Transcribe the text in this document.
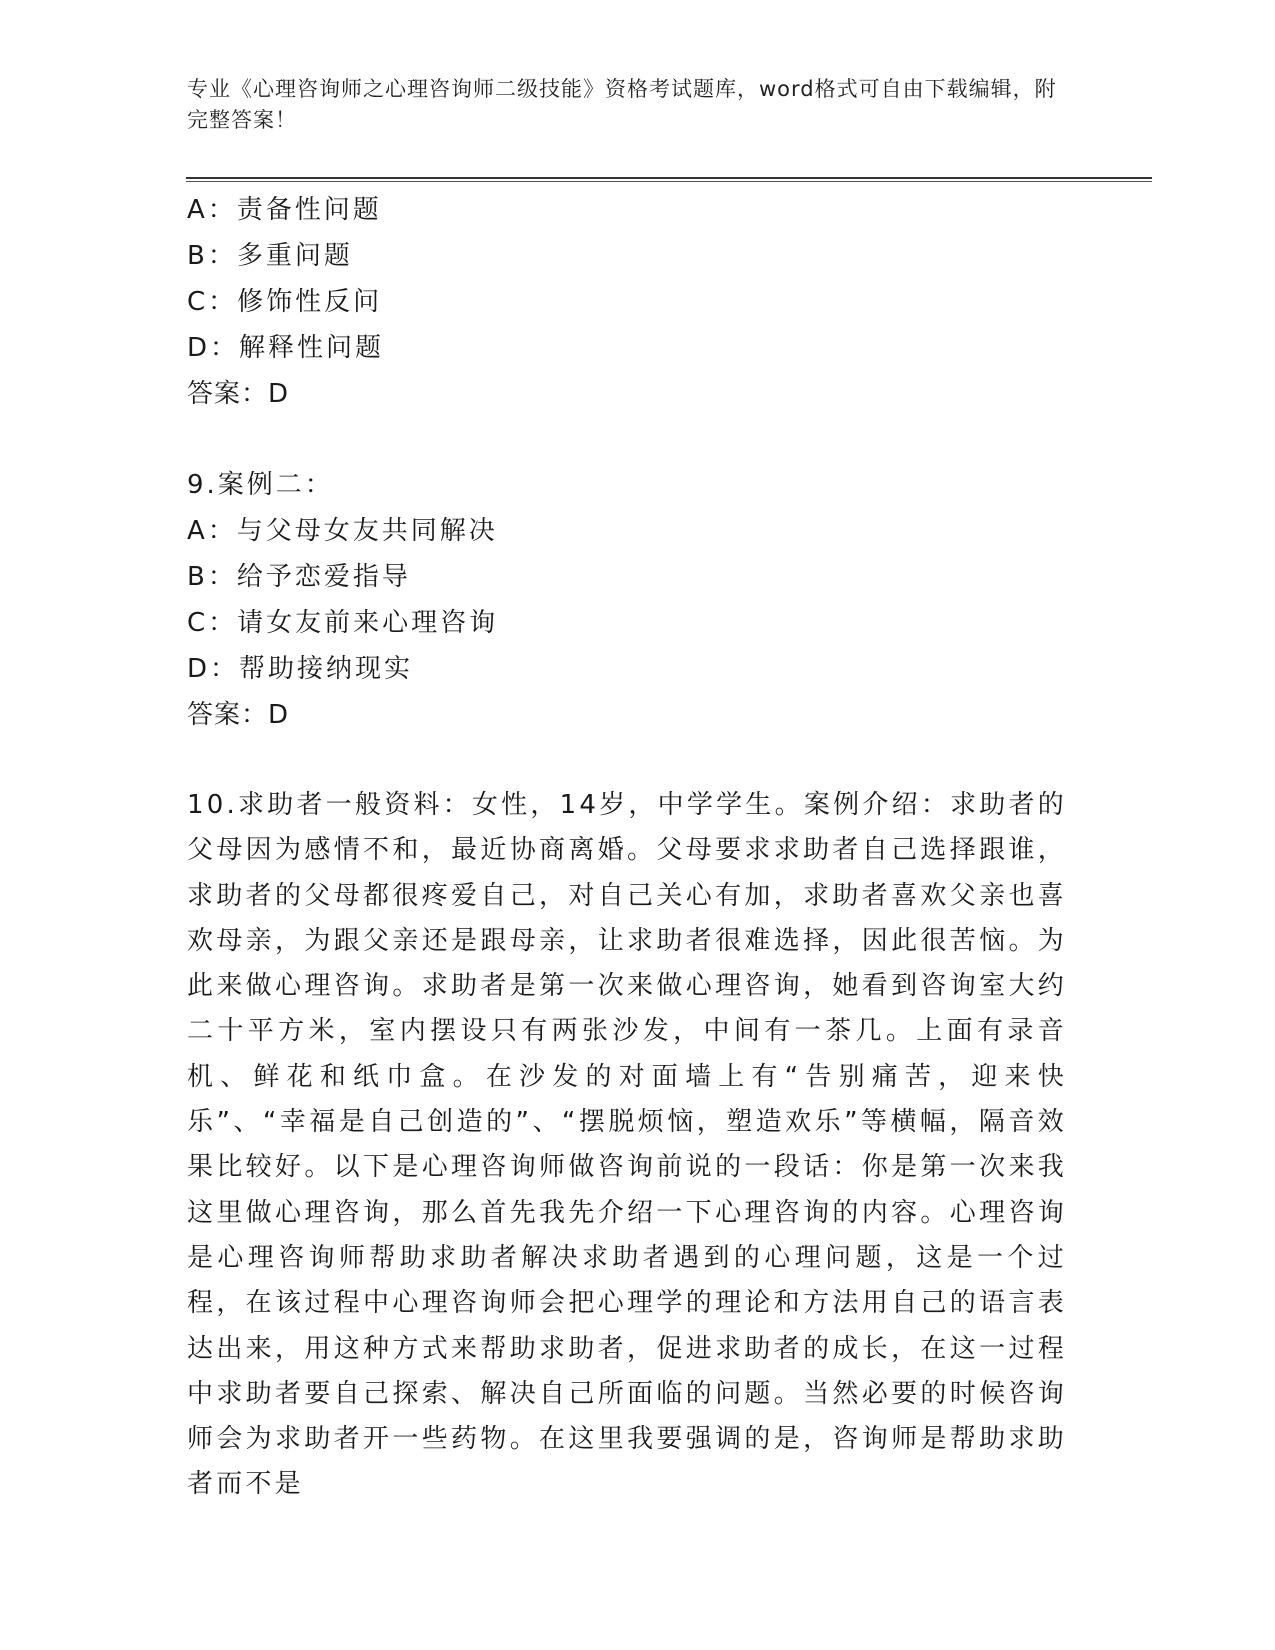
专业《心理咨询师之心理咨询师二级技能》资格考试题库，word格式可自由下载编辑，附完整答案！
A：责备性问题
B：多重问题
C：修饰性反问
D：解释性问题
答案：D
9.案例二：
A：与父母女友共同解决
B：给予恋爱指导
C：请女友前来心理咨询
D：帮助接纳现实
答案：D
10.求助者一般资料：女性，14岁，中学学生。案例介绍：求助者的父母因为感情不和，最近协商离婚。父母要求求助者自己选择跟谁，求助者的父母都很疼爱自己，对自己关心有加，求助者喜欢父亲也喜欢母亲，为跟父亲还是跟母亲，让求助者很难选择，因此很苦恼。为此来做心理咨询。求助者是第一次来做心理咨询，她看到咨询室大约二十平方米，室内摆设只有两张沙发，中间有一茶几。上面有录音机、鲜花和纸巾盒。在沙发的对面墙上有“告别痛苦，迎来快乐”、“幸福是自己创造的”、“摆脱烦恼，塑造欢乐”等横幅，隔音效果比较好。以下是心理咨询师做咨询前说的一段话：你是第一次来我这里做心理咨询，那么首先我先介绍一下心理咨询的内容。心理咨询是心理咨询师帮助求助者解决求助者遇到的心理问题，这是一个过程，在该过程中心理咨询师会把心理学的理论和方法用自己的语言表达出来，用这种方式来帮助求助者，促进求助者的成长，在这一过程中求助者要自己探索、解决自己所面临的问题。当然必要的时候咨询师会为求助者开一些药物。在这里我要强调的是，咨询师是帮助求助者而不是
